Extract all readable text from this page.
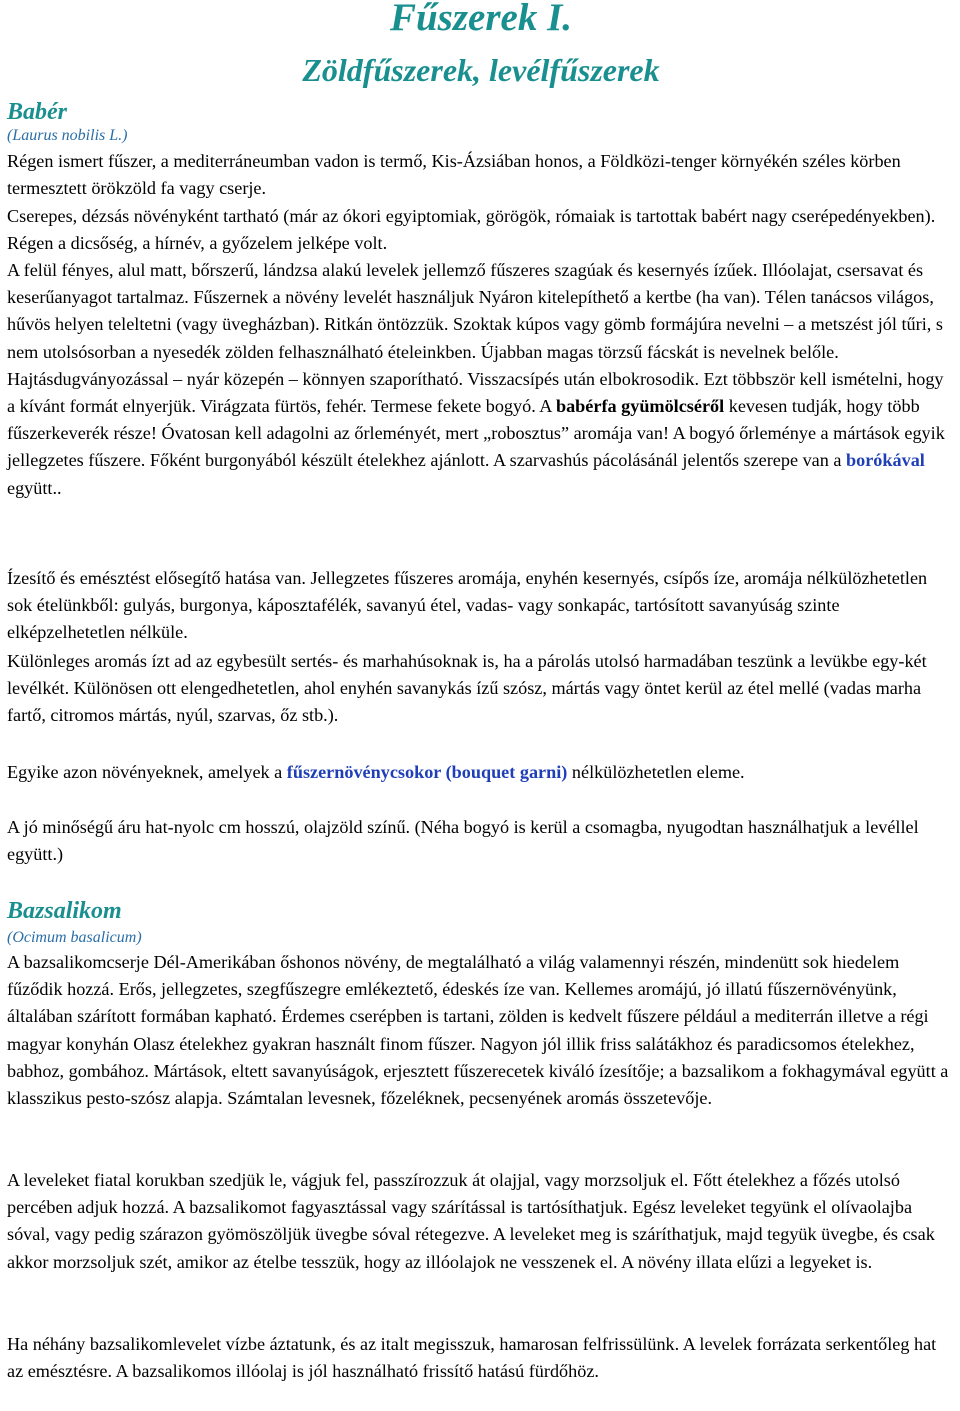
Fűszerek I.
Zöldfűszerek, levélfűszerek
Babér

(Laurus nobilis L.)

Régen ismert fűszer, a mediterráneumban vadon is termő, Kis-Ázsiában honos, a Földközi-tenger környékén széles körben termesztett örökzöld fa vagy cserje.

Cserepes, dézsás növényként tartható (már az ókori egyiptomiak, görögök, rómaiak is tartottak babért nagy cserépedényekben). Régen a dicsőség, a hírnév, a győzelem jelképe volt.

A felül fényes, alul matt, bőrszerű, lándzsa alakú levelek jellemző fűszeres szagúak és kesernyés ízűek. Illóolajat, csersavat és keserűanyagot tartalmaz. Fűszernek a növény levelét használjuk Nyáron kitelepíthető a kertbe (ha van). Télen tanácsos világos, hűvös helyen teleltetni (vagy üvegházban). Ritkán öntözzük. Szoktak kúpos vagy gömb formájúra nevelni – a metszést jól tűri, s nem utolsósorban a nyesedék zölden felhasználható ételeinkben. Újabban magas törzsű fácskát is nevelnek belőle. Hajtásdugványozással – nyár közepén – könnyen szaporítható. Visszacsípés után elbokrosodik. Ezt többször kell ismételni, hogy a kívánt formát elnyerjük. Virágzata fürtös, fehér. Termese fekete bogyó. A babérfa gyümölcséről kevesen tudják, hogy több fűszerkeverék része! Óvatosan kell adagolni az őrleményét, mert „robosztus” aromája van! A bogyó őrleménye a mártások egyik jellegzetes fűszere. Főként burgonyából készült ételekhez ajánlott. A szarvashús pácolásánál jelentős szerepe van a borókával együtt..

Ízesítő és emésztést elősegítő hatása van. Jellegzetes fűszeres aromája, enyhén kesernyés, csípős íze, aromája nélkülözhetetlen sok ételünkből: gulyás, burgonya, káposztafélék, savanyú étel, vadas- vagy sonkapác, tartósított savanyúság szinte elképzelhetetlen nélküle.

Különleges aromás ízt ad az egybesült sertés- és marhahúsoknak is, ha a párolás utolsó harmadában teszünk a levükbe egy-két levélkét. Különösen ott elengedhetetlen, ahol enyhén savanykás ízű szósz, mártás vagy öntet kerül az étel mellé (vadas marha fartő, citromos mártás, nyúl, szarvas, őz stb.).

Egyike azon növényeknek, amelyek a fűszernövénycsokor (bouquet garni) nélkülözhetetlen eleme.

A jó minőségű áru hat-nyolc cm hosszú, olajzöld színű. (Néha bogyó is kerül a csomagba, nyugodtan használhatjuk a levéllel együtt.)

Bazsalikom

(Ocimum basalicum)

A bazsalikomcserje Dél-Amerikában őshonos növény, de megtalálható a világ valamennyi részén, mindenütt sok hiedelem fűződik hozzá. Erős, jellegzetes, szegfűszegre emlékeztető, édeskés íze van. Kellemes aromájú, jó illatú fűszernövényünk, általában szárított formában kapható. Érdemes cserépben is tartani, zölden is kedvelt fűszere például a mediterrán illetve a régi magyar konyhán Olasz ételekhez gyakran használt finom fűszer. Nagyon jól illik friss salátákhoz és paradicsomos ételekhez, babhoz, gombához. Mártások, eltett savanyúságok, erjesztett fűszerecetek kiváló ízesítője; a bazsalikom a fokhagymával együtt a klasszikus pesto-szósz alapja. Számtalan levesnek, főzeléknek, pecsenyének aromás összetevője.

A leveleket fiatal korukban szedjük le, vágjuk fel, passzírozzuk át olajjal, vagy morzsoljuk el. Főtt ételekhez a főzés utolsó percében adjuk hozzá. A bazsalikomot fagyasztással vagy szárítással is tartósíthatjuk. Egész leveleket tegyünk el olívaolajba sóval, vagy pedig szárazon gyömöszöljük üvegbe sóval rétegezve. A leveleket meg is száríthatjuk, majd tegyük üvegbe, és csak akkor morzsoljuk szét, amikor az ételbe tesszük, hogy az illóolajok ne vesszenek el. A növény illata elűzi a legyeket is.

Ha néhány bazsalikomlevelet vízbe áztatunk, és az italt megisszuk, hamarosan felfrissülünk. A levelek forrázata serkentőleg hat az emésztésre. A bazsalikomos illóolaj is jól használható frissítő hatású fürdőhöz.
